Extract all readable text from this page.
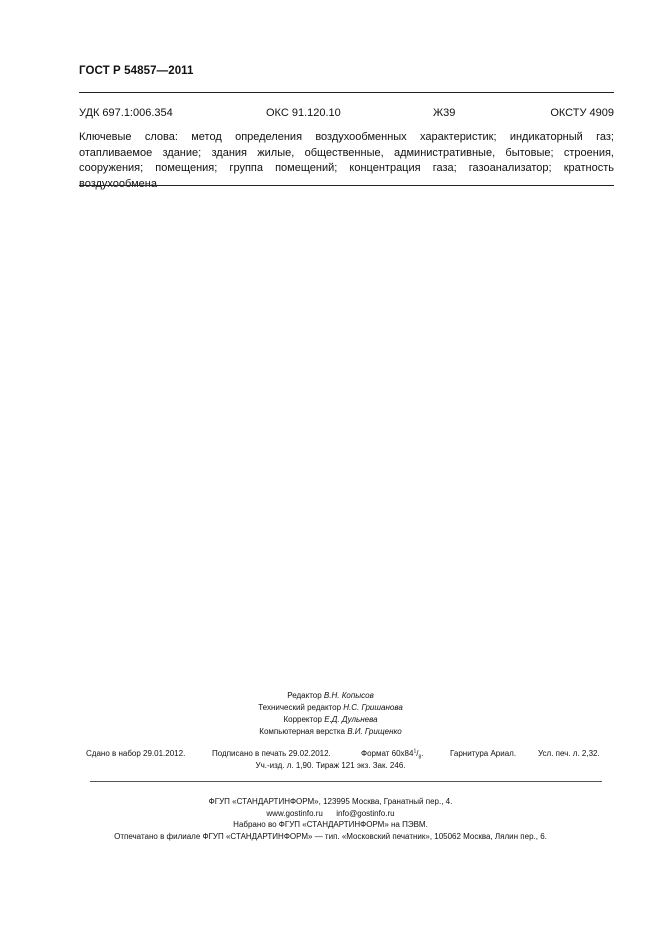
ГОСТ Р 54857—2011
УДК 697.1:006.354	ОКС 91.120.10	Ж39	ОКСТУ 4909
Ключевые слова: метод определения воздухообменных характеристик; индикаторный газ; отапливаемое здание; здания жилые, общественные, административные, бытовые; строения, сооружения; помещения; группа помещений; концентрация газа; газоанализатор; кратность воздухообмена
Редактор В.Н. Копысов
Технический редактор Н.С. Гришанова
Корректор Е.Д. Дульнева
Компьютерная верстка В.И. Грищенко
Сдано в набор 29.01.2012.	Подписано в печать 29.02.2012.	Формат $60х84^1/_8$.	Гарнитура Ариал.	Усл. печ. л. 2,32.
Уч.-изд. л. 1,90. Тираж 121 экз. Зак. 246.
ФГУП «СТАНДАРТИНФОРМ», 123995 Москва, Гранатный пер., 4.
www.gostinfo.ru info@gostinfo.ru
Набрано во ФГУП «СТАНДАРТИНФОРМ» на ПЭВМ.
Отпечатано в филиале ФГУП «СТАНДАРТИНФОРМ» — тип. «Московский печатник», 105062 Москва, Лялин пер., 6.
